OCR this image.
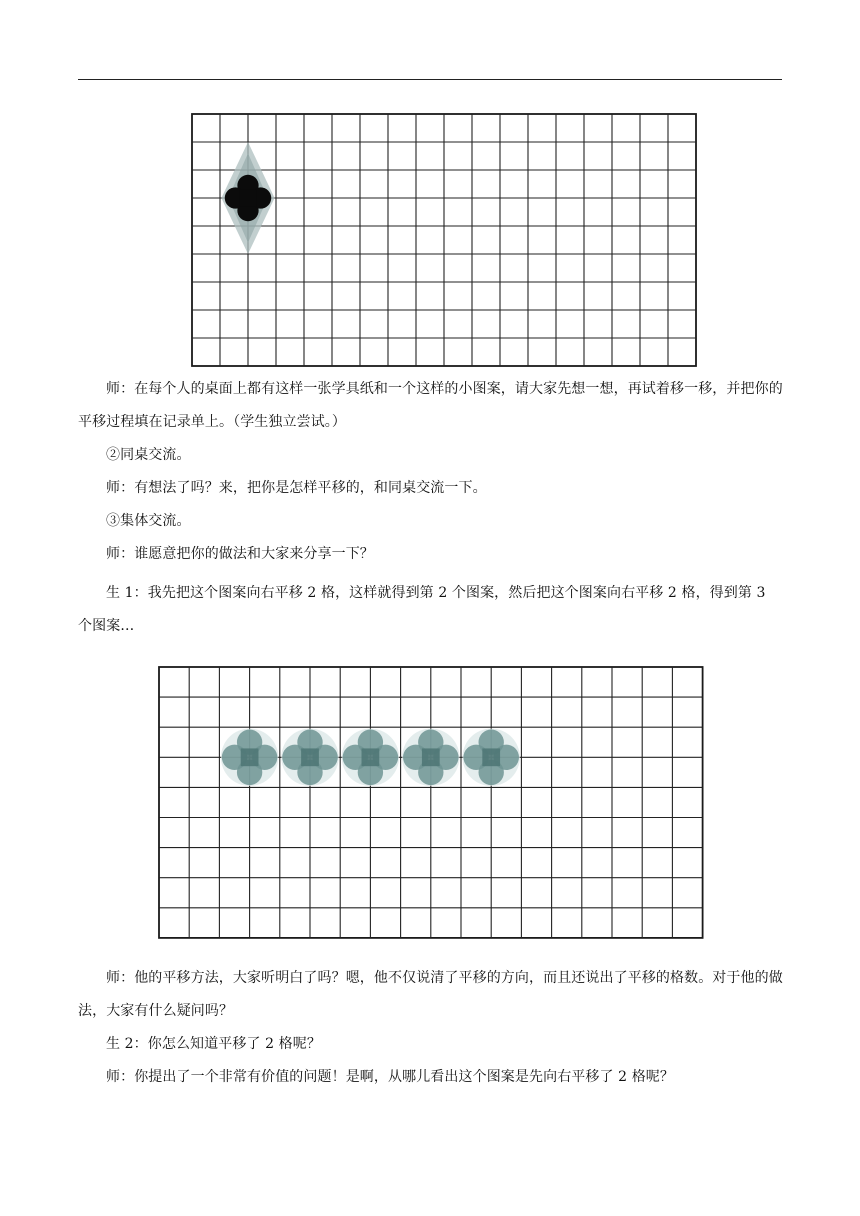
师：在每个人的桌面上都有这样一张学具纸和一个这样的小图案，请大家先想一想，再试着移一移，并把你的平移过程填在记录单上。（学生独立尝试。）

②同桌交流。

师：有想法了吗？来，把你是怎样平移的，和同桌交流一下。

③集体交流。

师：谁愿意把你的做法和大家来分享一下？

生 1：我先把这个图案向右平移 2 格，这样就得到第 2 个图案，然后把这个图案向右平移 2 格，得到第 3 个图案…

师：他的平移方法，大家听明白了吗？嗯，他不仅说清了平移的方向，而且还说出了平移的格数。对于他的做法，大家有什么疑问吗？

生 2：你怎么知道平移了 2 格呢？

师：你提出了一个非常有价值的问题！是啊，从哪儿看出这个图案是先向右平移了 2 格呢？
